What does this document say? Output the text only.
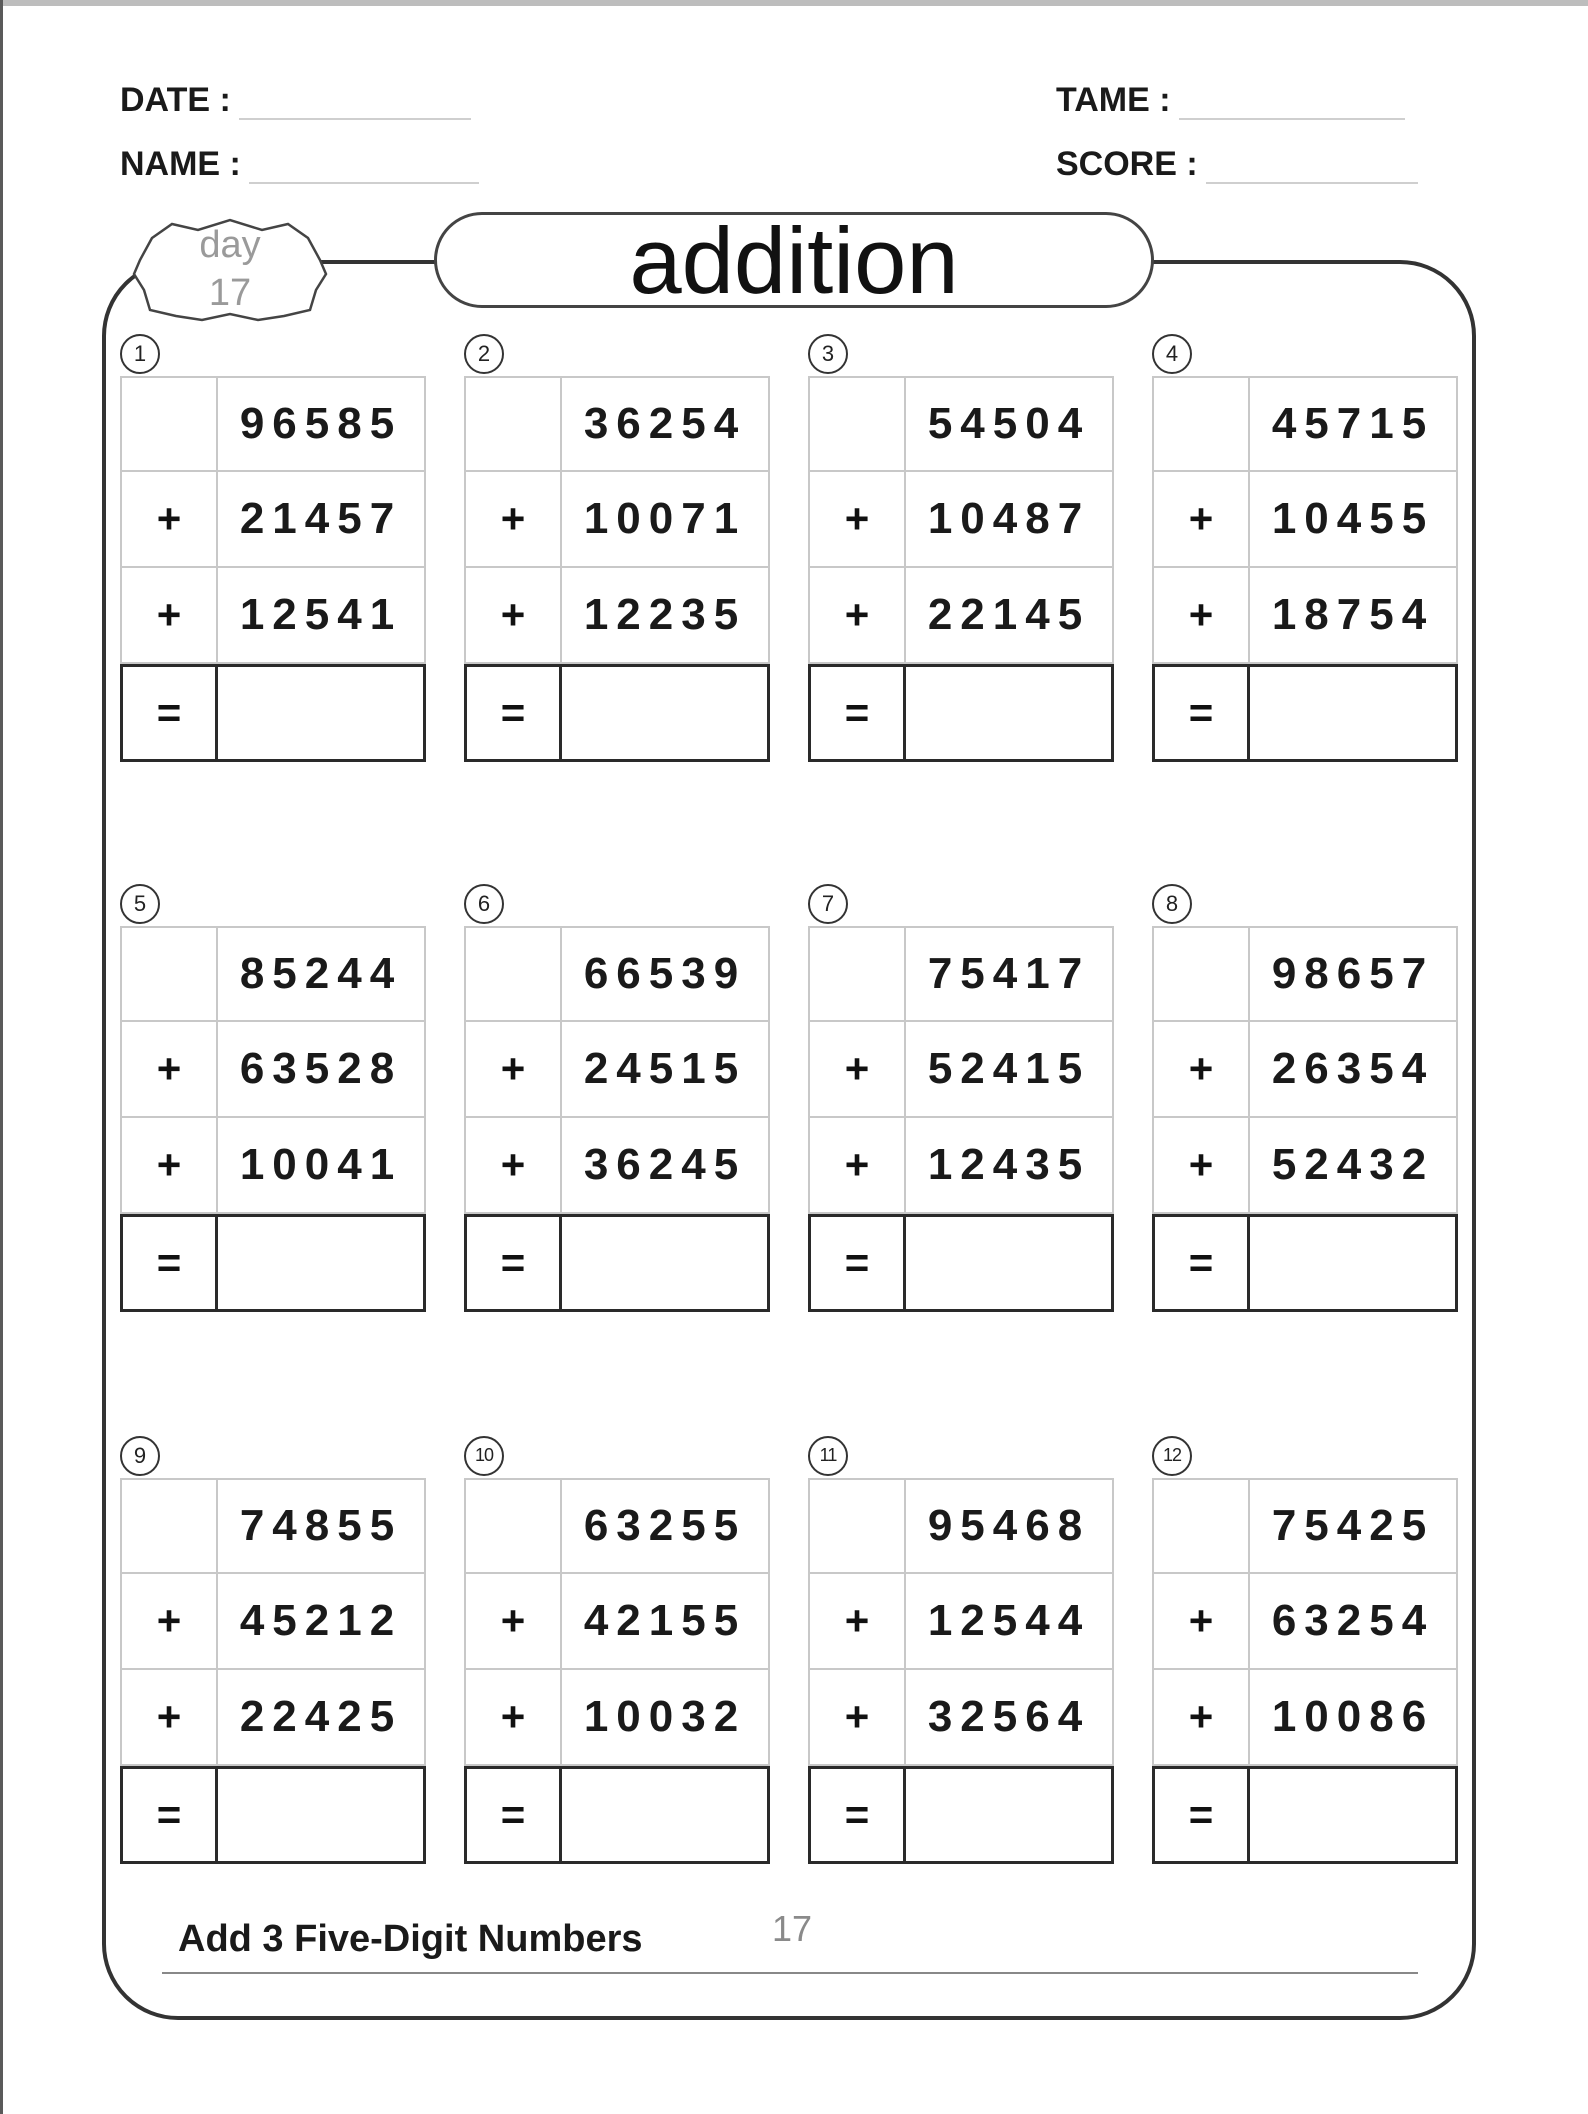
DATE :
NAME :
TAME :
SCORE :
addition
day
17
1
96585
+	21457
+	12541
=
2
36254
+	10071
+	12235
=
3
54504
+	10487
+	22145
=
4
45715
+	10455
+	18754
=
5
85244
+	63528
+	10041
=
6
66539
+	24515
+	36245
=
7
75417
+	52415
+	12435
=
8
98657
+	26354
+	52432
=
9
74855
+	45212
+	22425
=
10
63255
+	42155
+	10032
=
11
95468
+	12544
+	32564
=
12
75425
+	63254
+	10086
=
Add 3 Five-Digit Numbers	17
